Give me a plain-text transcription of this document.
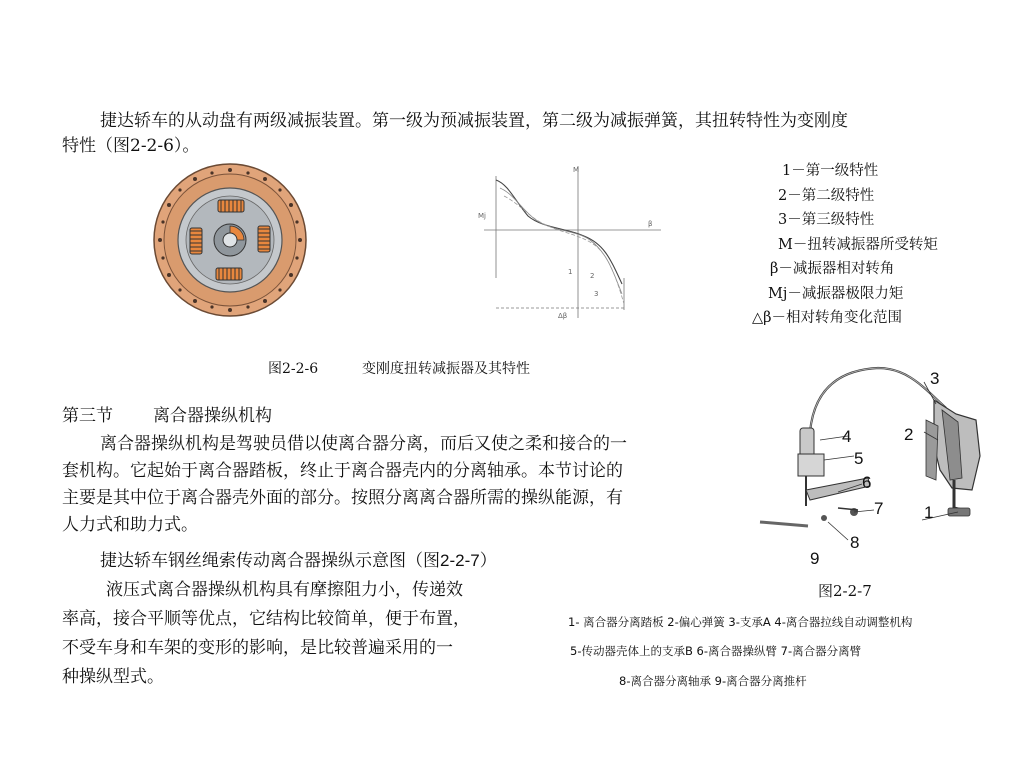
捷达轿车的从动盘有两级减振装置。第一级为预减振装置，第二级为减振弹簧，其扭转特性为变刚度
特性（图2-2-6）。
M
β
Mj
Δβ
1	2
3
1－第一级特性
2－第二级特性
3－第三级特性
M－扭转减振器所受转矩
β－减振器相对转角
Mj－减振器极限力矩
△β－相对转角变化范围
图2-2-6	变刚度扭转减振器及其特性
第三节 离合器操纵机构
离合器操纵机构是驾驶员借以使离合器分离，而后又使之柔和接合的一
套机构。它起始于离合器踏板，终止于离合器壳内的分离轴承。本节讨论的
主要是其中位于离合器壳外面的部分。按照分离离合器所需的操纵能源，有
人力式和助力式。
捷达轿车钢丝绳索传动离合器操纵示意图（图2-2-7）
液压式离合器操纵机构具有摩擦阻力小，传递效
率高，接合平顺等优点，它结构比较简单，便于布置，
不受车身和车架的变形的影响，是比较普遍采用的一
种操纵型式。
1
2
3
4
5
6
7
8
9
图2-2-7
1- 离合器分离踏板 2-偏心弹簧 3-支承A 4-离合器拉线自动调整机构
5-传动器壳体上的支承B 6-离合器操纵臂 7-离合器分离臂
8-离合器分离轴承 9-离合器分离推杆
